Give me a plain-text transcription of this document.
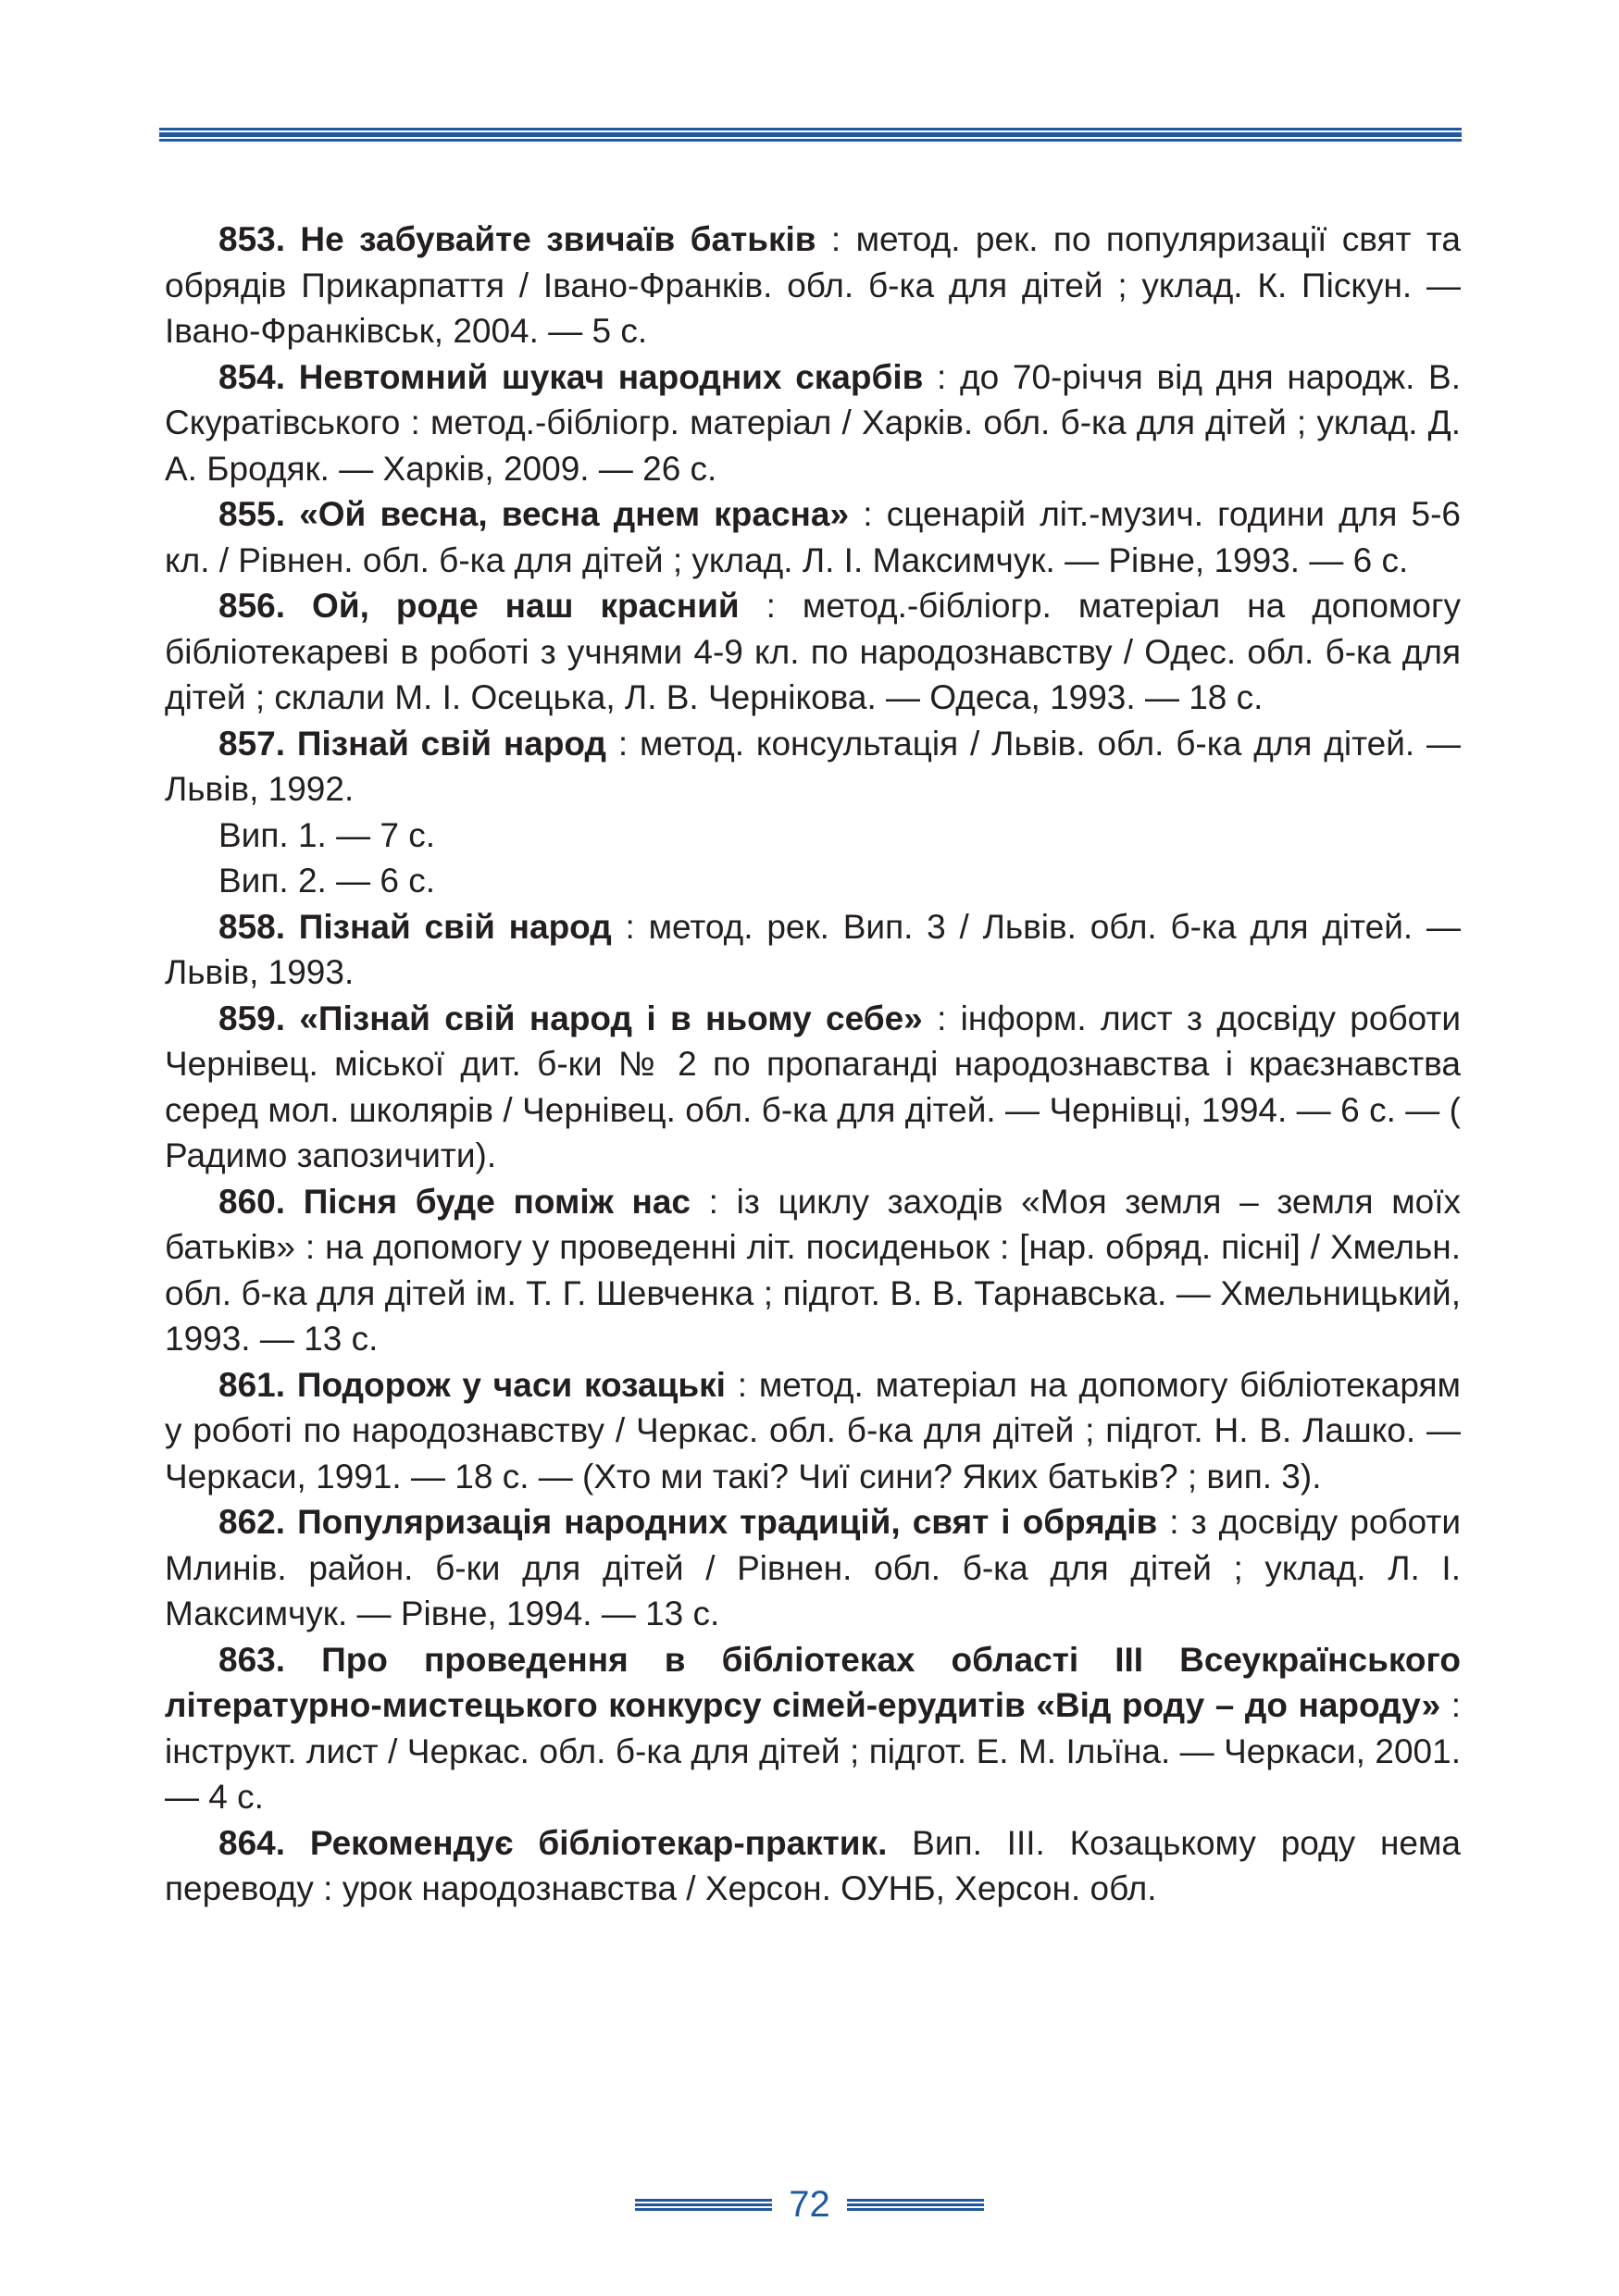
853. Не забувайте звичаїв батьків : метод. рек. по популяризації свят та обрядів Прикарпаття / Івано-Франків. обл. б-ка для дітей ; уклад. К. Піскун. — Івано-Франківськ, 2004. — 5 с.

854. Невтомний шукач народних скарбів : до 70-річчя від дня народж. В. Скуратівського : метод.-бібліогр. матеріал / Харків. обл. б-ка для дітей ; уклад. Д. А. Бродяк. — Харків, 2009. — 26 с.

855. «Ой весна, весна днем красна» : сценарій літ.-музич. години для 5-6 кл. / Рівнен. обл. б-ка для дітей ; уклад. Л. І. Максимчук. — Рівне, 1993. — 6 с.

856. Ой, роде наш красний : метод.-бібліогр. матеріал на допомогу бібліотекареві в роботі з учнями 4-9 кл. по народознавству / Одес. обл. б-ка для дітей ; склали М. І. Осецька, Л. В. Чернікова. — Одеса, 1993. — 18 с.

857. Пізнай свій народ : метод. консультація / Львів. обл. б-ка для дітей. — Львів, 1992.

Вип. 1. — 7 с.

Вип. 2. — 6 с.

858. Пізнай свій народ : метод. рек. Вип. 3 / Львів. обл. б-ка для дітей. — Львів, 1993.

859. «Пізнай свій народ і в ньому себе» : інформ. лист з досвіду роботи Чернівец. міської дит. б-ки № 2 по пропаганді народознавства і краєзнавства серед мол. школярів / Чернівец. обл. б-ка для дітей. — Чернівці, 1994. — 6 с. — ( Радимо запозичити).

860. Пісня буде поміж нас : із циклу заходів «Моя земля – земля моїх батьків» : на допомогу у проведенні літ. посиденьок : [нар. обряд. пісні] / Хмельн. обл. б-ка для дітей ім. Т. Г. Шевченка ; підгот. В. В. Тарнавська. — Хмельницький, 1993. — 13 с.

861. Подорож у часи козацькі : метод. матеріал на допомогу бібліотекарям у роботі по народознавству / Черкас. обл. б-ка для дітей ; підгот. Н. В. Лашко. — Черкаси, 1991. — 18 с. — (Хто ми такі? Чиї сини? Яких батьків? ; вип. 3).

862. Популяризація народних традицій, свят і обрядів : з досвіду роботи Млинів. район. б-ки для дітей / Рівнен. обл. б-ка для дітей ; уклад. Л. І. Максимчук. — Рівне, 1994. — 13 с.

863. Про проведення в бібліотеках області III Всеукраїнського літературно-мистецького конкурсу сімей-ерудитів «Від роду – до народу» : інструкт. лист / Черкас. обл. б-ка для дітей ; підгот. Е. М. Ільїна. — Черкаси, 2001. — 4 с.

864. Рекомендує бібліотекар-практик. Вип. III. Козацькому роду нема переводу : урок народознавства / Херсон. ОУНБ, Херсон. обл.

72
